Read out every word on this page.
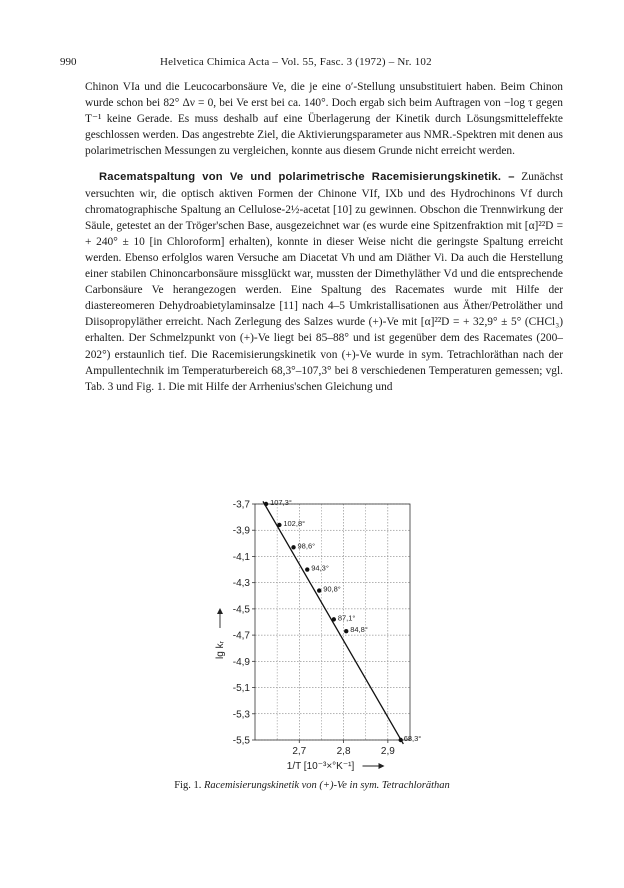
990	Helvetica Chimica Acta – Vol. 55, Fasc. 3 (1972) – Nr. 102

Chinon VIa und die Leucocarbonsäure Ve, die je eine o′-Stellung unsubstituiert haben. Beim Chinon wurde schon bei 82° Δν = 0, bei Ve erst bei ca. 140°. Doch ergab sich beim Auftragen von −log τ gegen T⁻¹ keine Gerade. Es muss deshalb auf eine Überlagerung der Kinetik durch Lösungsmitteleffekte geschlossen werden. Das angestrebte Ziel, die Aktivierungsparameter aus NMR.-Spektren mit denen aus polarimetrischen Messungen zu vergleichen, konnte aus diesem Grunde nicht erreicht werden.

Racematspaltung von Ve und polarimetrische Racemisierungskinetik. – Zunächst versuchten wir, die optisch aktiven Formen der Chinone VIf, IXb und des Hydrochinons Vf durch chromatographische Spaltung an Cellulose-2½-acetat [10] zu gewinnen. Obschon die Trennwirkung der Säule, getestet an der Tröger'schen Base, ausgezeichnet war (es wurde eine Spitzenfraktion mit [α]²²D = + 240° ± 10 [in Chloroform] erhalten), konnte in dieser Weise nicht die geringste Spaltung erreicht werden. Ebenso erfolglos waren Versuche am Diacetat Vh und am Diäther Vi. Da auch die Herstellung einer stabilen Chinoncarbonsäure missglückt war, mussten der Dimethyläther Vd und die entsprechende Carbonsäure Ve herangezogen werden. Eine Spaltung des Racemates wurde mit Hilfe der diastereomeren Dehydroabietylaminsalze [11] nach 4–5 Umkristallisationen aus Äther/Petroläther und Diisopropyläther erreicht. Nach Zerlegung des Salzes wurde (+)-Ve mit [α]²²D = + 32,9° ± 5° (CHCl₃) erhalten. Der Schmelzpunkt von (+)-Ve liegt bei 85–88° und ist gegenüber dem des Racemates (200–202°) erstaunlich tief. Die Racemisierungskinetik von (+)-Ve wurde in sym. Tetrachloräthan nach der Ampullentechnik im Temperaturbereich 68,3°–107,3° bei 8 verschiedenen Temperaturen gemessen; vgl. Tab. 3 und Fig. 1. Die mit Hilfe der Arrhenius'schen Gleichung und

-3,7
-3,9
-4,1
-4,3
-4,5
-4,7
-4,9
-5,1
-5,3
-5,5
2,7	2,8	2,9
107,3°
102,8°
98,6°
94,3°
90,8°
87,1°
84,8°
68,3°
lg kᵣ
1/T [10⁻³×°K⁻¹]
Fig. 1. Racemisierungskinetik von (+)-Ve in sym. Tetrachloräthan
